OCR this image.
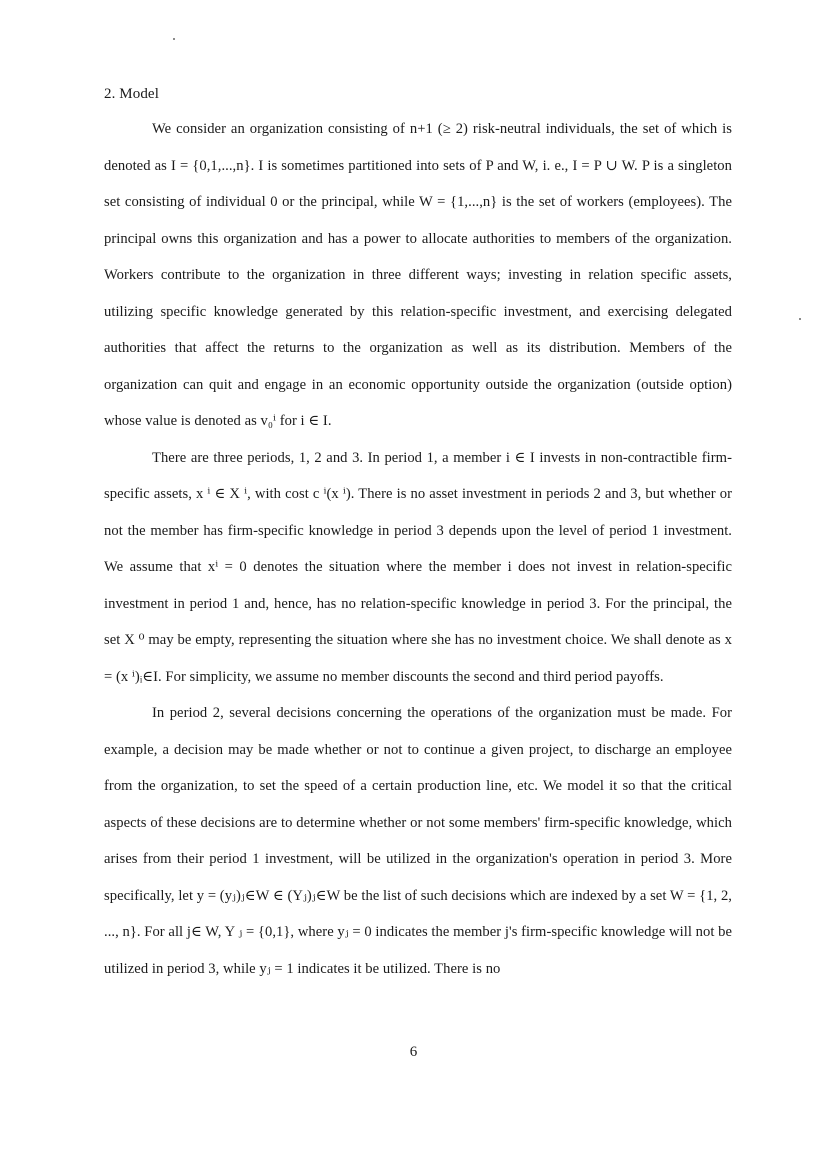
2. Model

We consider an organization consisting of n+1 (≥ 2) risk-neutral individuals, the set of which is denoted as I = {0,1,...,n}. I is sometimes partitioned into sets of P and W, i. e., I = P ∪ W. P is a singleton set consisting of individual 0 or the principal, while W = {1,...,n} is the set of workers (employees). The principal owns this organization and has a power to allocate authorities to members of the organization. Workers contribute to the organization in three different ways; investing in relation specific assets, utilizing specific knowledge generated by this relation-specific investment, and exercising delegated authorities that affect the returns to the organization as well as its distribution. Members of the organization can quit and engage in an economic opportunity outside the organization (outside option) whose value is denoted as v₀ⁱ for i ∈ I.

There are three periods, 1, 2 and 3. In period 1, a member i ∈ I invests in non-contractible firm-specific assets, x ⁱ ∈ X ⁱ, with cost c ⁱ(x ⁱ). There is no asset investment in periods 2 and 3, but whether or not the member has firm-specific knowledge in period 3 depends upon the level of period 1 investment. We assume that xⁱ = 0 denotes the situation where the member i does not invest in relation-specific investment in period 1 and, hence, has no relation-specific knowledge in period 3. For the principal, the set X ⁰ may be empty, representing the situation where she has no investment choice. We shall denote as x = (x ⁱ)ᵢ∈I. For simplicity, we assume no member discounts the second and third period payoffs.

In period 2, several decisions concerning the operations of the organization must be made. For example, a decision may be made whether or not to continue a given project, to discharge an employee from the organization, to set the speed of a certain production line, etc. We model it so that the critical aspects of these decisions are to determine whether or not some members' firm-specific knowledge, which arises from their period 1 investment, will be utilized in the organization's operation in period 3. More specifically, let y = (yⱼ)ⱼ∈W ∈ (Yⱼ)ⱼ∈W be the list of such decisions which are indexed by a set W = {1, 2, ..., n}. For all j∈ W, Y ⱼ = {0,1}, where yⱼ = 0 indicates the member j's firm-specific knowledge will not be utilized in period 3, while yⱼ = 1 indicates it be utilized. There is no

6
